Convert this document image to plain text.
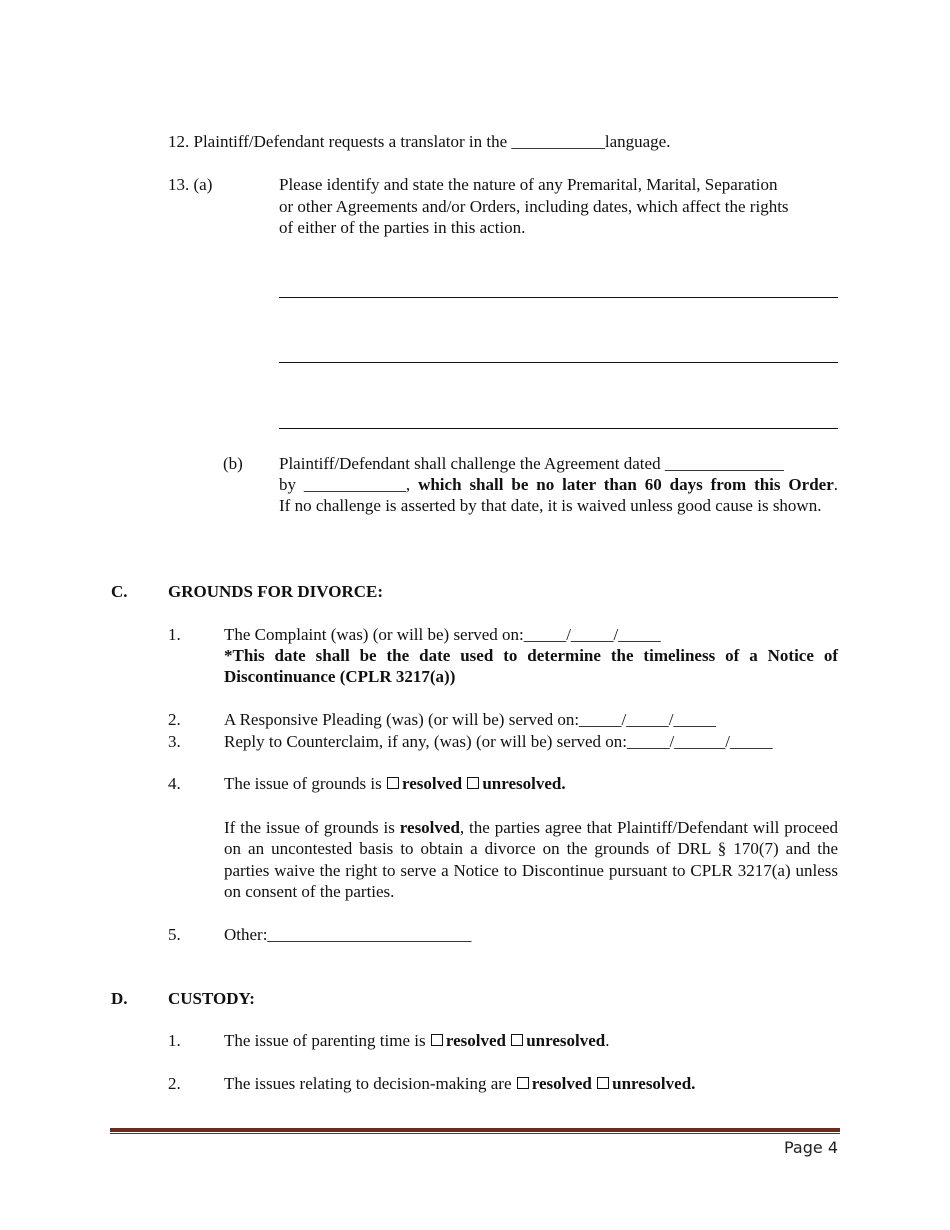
12. Plaintiff/Defendant requests a translator in the ___________language.
13. (a)	Please identify and state the nature of any Premarital, Marital, Separation
or other Agreements and/or Orders, including dates, which affect the rights
of either of the parties in this action.
(b) Plaintiff/Defendant shall challenge the Agreement dated ______________
by ____________, which shall be no later than 60 days from this Order.
If no challenge is asserted by that date, it is waived unless good cause is shown.
C. GROUNDS FOR DIVORCE:
1.	The Complaint (was) (or will be) served on:_____/_____/_____
*This date shall be the date used to determine the timeliness of a Notice of Discontinuance (CPLR 3217(a))
2.	A Responsive Pleading (was) (or will be) served on:_____/_____/_____
3.	Reply to Counterclaim, if any, (was) (or will be) served on:_____/______/_____
4.	The issue of grounds is resolved unresolved.
If the issue of grounds is resolved, the parties agree that Plaintiff/Defendant will proceed on an uncontested basis to obtain a divorce on the grounds of DRL § 170(7) and the parties waive the right to serve a Notice to Discontinue pursuant to CPLR 3217(a) unless on consent of the parties.
5.	Other:________________________
D. CUSTODY:
1.	The issue of parenting time is resolved unresolved.
2.	The issues relating to decision-making are resolved unresolved.
Page 4
